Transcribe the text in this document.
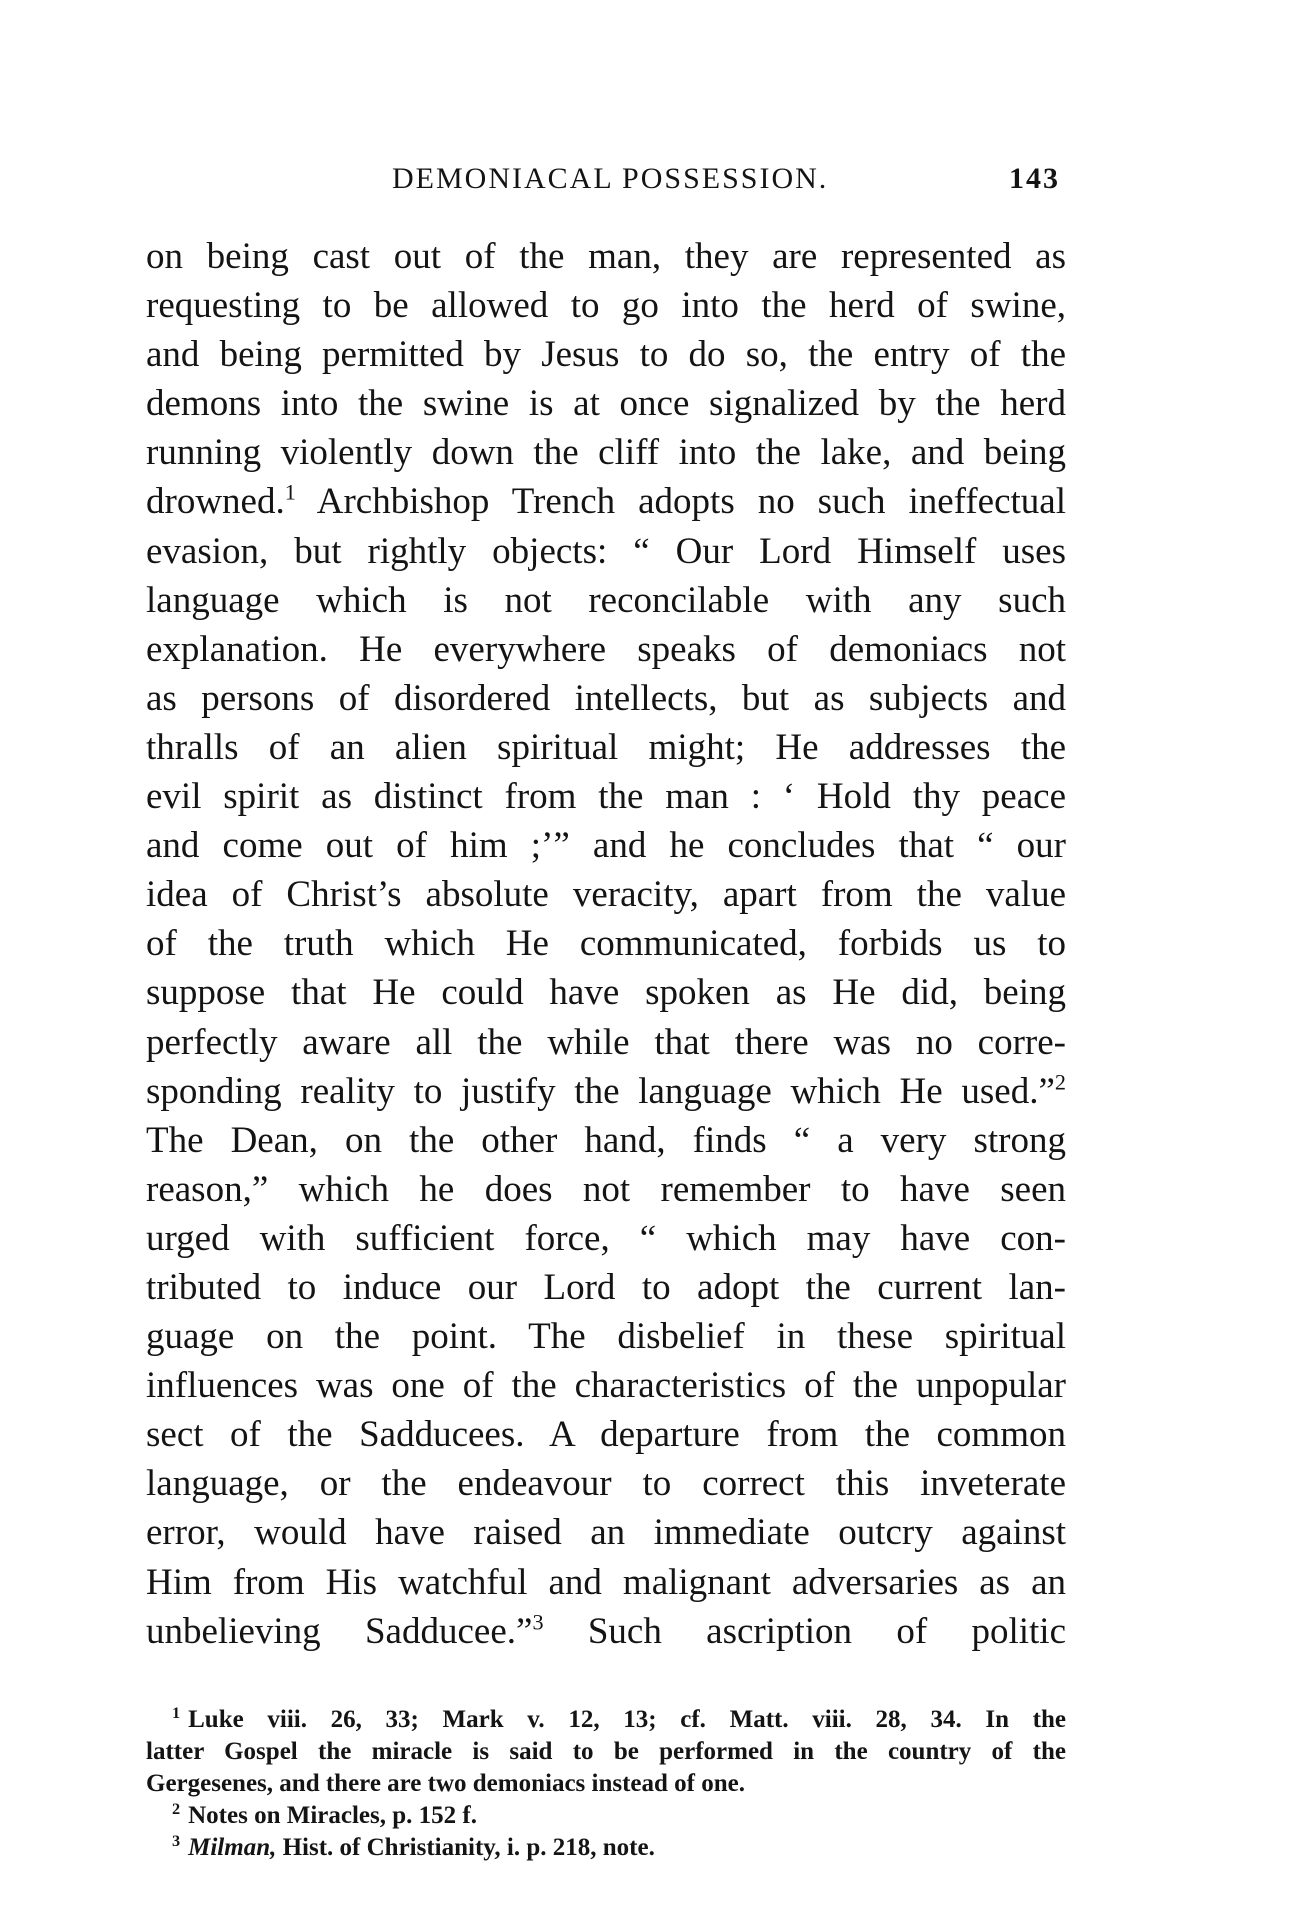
DEMONIACAL POSSESSION.	143
on being cast out of the man, they are represented as
requesting to be allowed to go into the herd of swine,
and being permitted by Jesus to do so, the entry of the
demons into the swine is at once signalized by the herd
running violently down the cliff into the lake, and being
drowned.$^1$ Archbishop Trench adopts no such ineffectual
evasion, but rightly objects: “ Our Lord Himself uses
language which is not reconcilable with any such
explanation. He everywhere speaks of demoniacs not
as persons of disordered intellects, but as subjects and
thralls of an alien spiritual might; He addresses the
evil spirit as distinct from the man : ‘ Hold thy peace
and come out of him ;’” and he concludes that “ our
idea of Christ’s absolute veracity, apart from the value
of the truth which He communicated, forbids us to
suppose that He could have spoken as He did, being
perfectly aware all the while that there was no corre-
sponding reality to justify the language which He used.”$^2$
The Dean, on the other hand, finds “ a very strong
reason,” which he does not remember to have seen
urged with sufficient force, “ which may have con-
tributed to induce our Lord to adopt the current lan-
guage on the point. The disbelief in these spiritual
influences was one of the characteristics of the unpopular
sect of the Sadducees. A departure from the common
language, or the endeavour to correct this inveterate
error, would have raised an immediate outcry against
Him from His watchful and malignant adversaries as an
unbelieving Sadducee.”$^3$ Such ascription of politic
$^1$ Luke viii. 26, 33; Mark v. 12, 13; cf. Matt. viii. 28, 34. In the
latter Gospel the miracle is said to be performed in the country of the
Gergesenes, and there are two demoniacs instead of one.
$^2$ Notes on Miracles, p. 152 f.
$^3$ Milman, Hist. of Christianity, i. p. 218, note.
